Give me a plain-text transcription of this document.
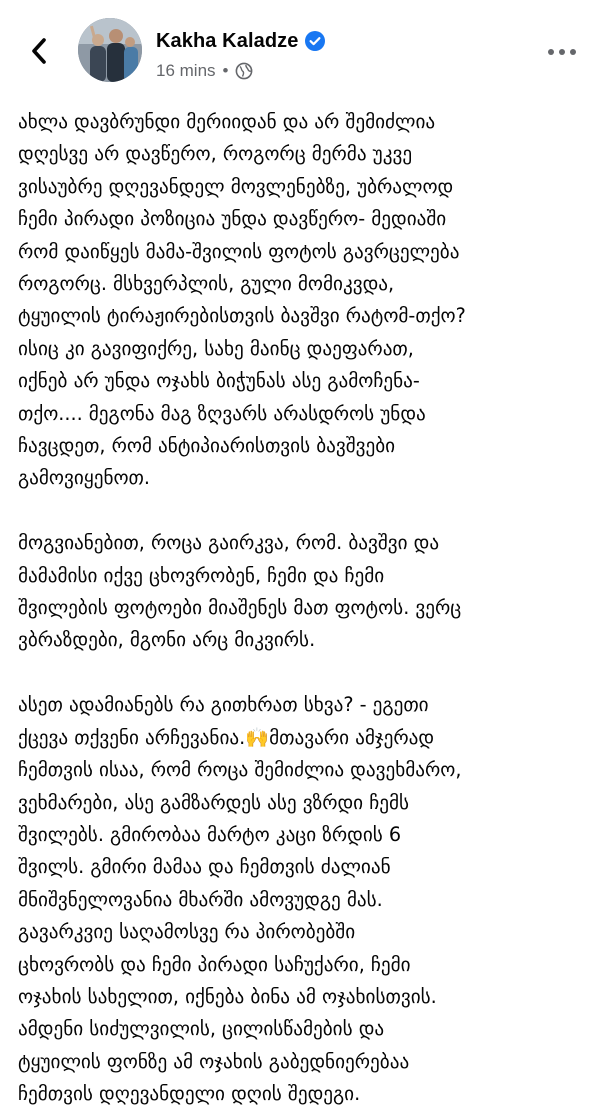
Kakha Kaladze
16 mins •

ახლა დავბრუნდი მერიიდან და არ შემიძლია
დღესვე არ დავწერო, როგორც მერმა უკვე
ვისაუბრე დღევანდელ მოვლენებზე, უბრალოდ
ჩემი პირადი პოზიცია უნდა დავწერო- მედიაში
რომ დაიწყეს მამა-შვილის ფოტოს გავრცელება
როგორც. მსხვერპლის, გული მომიკვდა,
ტყუილის ტირაჟირებისთვის ბავშვი რატომ-თქო?
ისიც კი გავიფიქრე, სახე მაინც დაეფარათ,
იქნებ არ უნდა ოჯახს ბიჭუნას ასე გამოჩენა-
თქო.... მეგონა მაგ ზღვარს არასდროს უნდა
ჩავცდეთ, რომ ანტიპიარისთვის ბავშვები
გამოვიყენოთ.

მოგვიანებით, როცა გაირკვა, რომ. ბავშვი და
მამამისი იქვე ცხოვრობენ, ჩემი და ჩემი
შვილების ფოტოები მიაშენეს მათ ფოტოს. ვერც
ვბრაზდები, მგონი არც მიკვირს.

ასეთ ადამიანებს რა გითხრათ სხვა? - ეგეთი
ქცევა თქვენი არჩევანია.🙌მთავარი ამჯერად
ჩემთვის ისაა, რომ როცა შემიძლია დავეხმარო,
ვეხმარები, ასე გამზარდეს ასე ვზრდი ჩემს
შვილებს. გმირობაა მარტო კაცი ზრდის 6
შვილს. გმირი მამაა და ჩემთვის ძალიან
მნიშვნელოვანია მხარში ამოვუდგე მას.
გავარკვიე საღამოსვე რა პირობებში
ცხოვრობს და ჩემი პირადი საჩუქარი, ჩემი
ოჯახის სახელით, იქნება ბინა ამ ოჯახისთვის.
ამდენი სიძულვილის, ცილისწამების და
ტყუილის ფონზე ამ ოჯახის გაბედნიერებაა
ჩემთვის დღევანდელი დღის შედეგი.
